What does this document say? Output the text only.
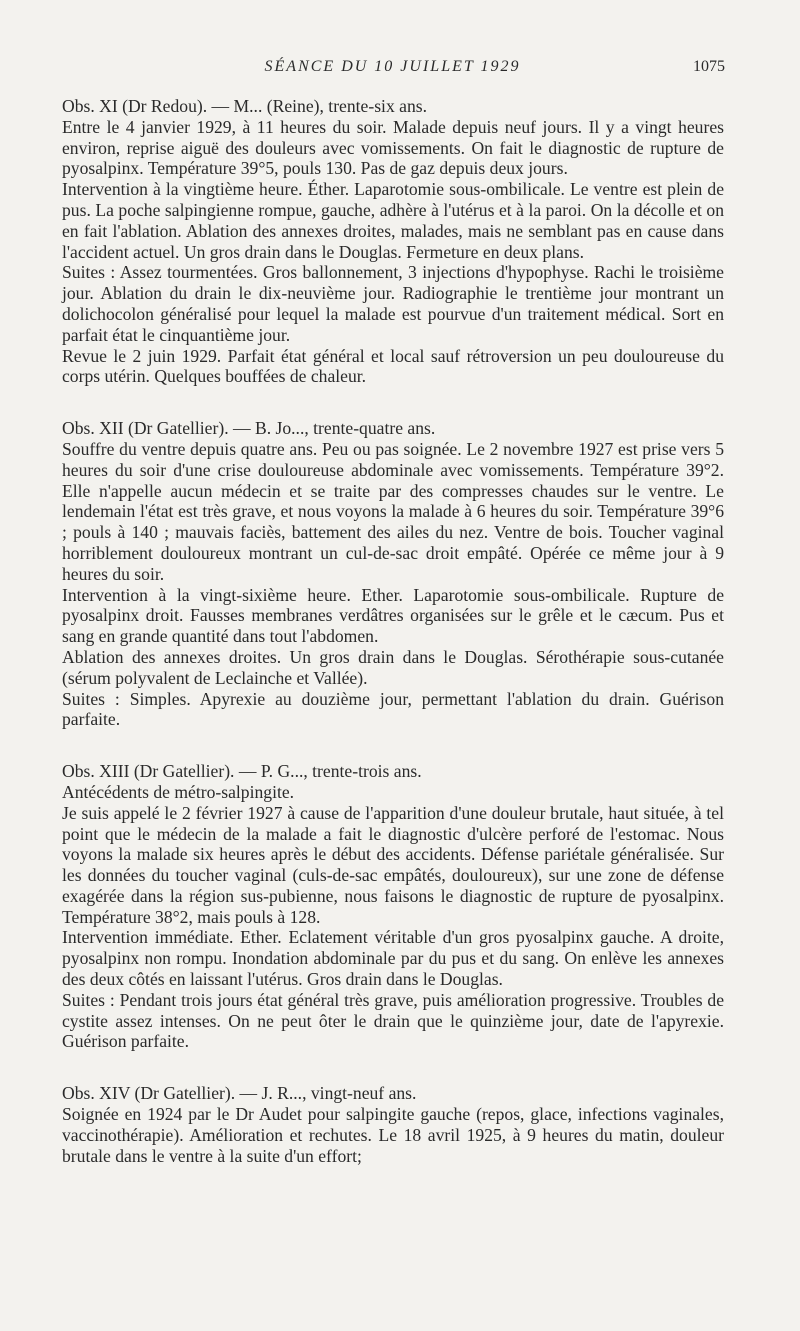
SÉANCE DU 10 JUILLET 1929	1075

Obs. XI (Dr Redou). — M... (Reine), trente-six ans.

Entre le 4 janvier 1929, à 11 heures du soir. Malade depuis neuf jours. Il y a vingt heures environ, reprise aiguë des douleurs avec vomissements. On fait le diagnostic de rupture de pyosalpinx. Température 39°5, pouls 130. Pas de gaz depuis deux jours.

Intervention à la vingtième heure. Éther. Laparotomie sous-ombilicale. Le ventre est plein de pus. La poche salpingienne rompue, gauche, adhère à l'utérus et à la paroi. On la décolle et on en fait l'ablation. Ablation des annexes droites, malades, mais ne semblant pas en cause dans l'accident actuel. Un gros drain dans le Douglas. Fermeture en deux plans.

Suites : Assez tourmentées. Gros ballonnement, 3 injections d'hypophyse. Rachi le troisième jour. Ablation du drain le dix-neuvième jour. Radiographie le trentième jour montrant un dolichocolon généralisé pour lequel la malade est pourvue d'un traitement médical. Sort en parfait état le cinquantième jour.

Revue le 2 juin 1929. Parfait état général et local sauf rétroversion un peu douloureuse du corps utérin. Quelques bouffées de chaleur.

Obs. XII (Dr Gatellier). — B. Jo..., trente-quatre ans.

Souffre du ventre depuis quatre ans. Peu ou pas soignée. Le 2 novembre 1927 est prise vers 5 heures du soir d'une crise douloureuse abdominale avec vomissements. Température 39°2. Elle n'appelle aucun médecin et se traite par des compresses chaudes sur le ventre. Le lendemain l'état est très grave, et nous voyons la malade à 6 heures du soir. Température 39°6 ; pouls à 140 ; mauvais faciès, battement des ailes du nez. Ventre de bois. Toucher vaginal horriblement douloureux montrant un cul-de-sac droit empâté. Opérée ce même jour à 9 heures du soir.

Intervention à la vingt-sixième heure. Ether. Laparotomie sous-ombilicale. Rupture de pyosalpinx droit. Fausses membranes verdâtres organisées sur le grêle et le cæcum. Pus et sang en grande quantité dans tout l'abdomen.

Ablation des annexes droites. Un gros drain dans le Douglas. Sérothérapie sous-cutanée (sérum polyvalent de Leclainche et Vallée).

Suites : Simples. Apyrexie au douzième jour, permettant l'ablation du drain. Guérison parfaite.

Obs. XIII (Dr Gatellier). — P. G..., trente-trois ans.

Antécédents de métro-salpingite.

Je suis appelé le 2 février 1927 à cause de l'apparition d'une douleur brutale, haut située, à tel point que le médecin de la malade a fait le diagnostic d'ulcère perforé de l'estomac. Nous voyons la malade six heures après le début des accidents. Défense pariétale généralisée. Sur les données du toucher vaginal (culs-de-sac empâtés, douloureux), sur une zone de défense exagérée dans la région sus-pubienne, nous faisons le diagnostic de rupture de pyosalpinx. Température 38°2, mais pouls à 128.

Intervention immédiate. Ether. Eclatement véritable d'un gros pyosalpinx gauche. A droite, pyosalpinx non rompu. Inondation abdominale par du pus et du sang. On enlève les annexes des deux côtés en laissant l'utérus. Gros drain dans le Douglas.

Suites : Pendant trois jours état général très grave, puis amélioration progressive. Troubles de cystite assez intenses. On ne peut ôter le drain que le quinzième jour, date de l'apyrexie. Guérison parfaite.

Obs. XIV (Dr Gatellier). — J. R..., vingt-neuf ans.

Soignée en 1924 par le Dr Audet pour salpingite gauche (repos, glace, infections vaginales, vaccinothérapie). Amélioration et rechutes. Le 18 avril 1925, à 9 heures du matin, douleur brutale dans le ventre à la suite d'un effort;
